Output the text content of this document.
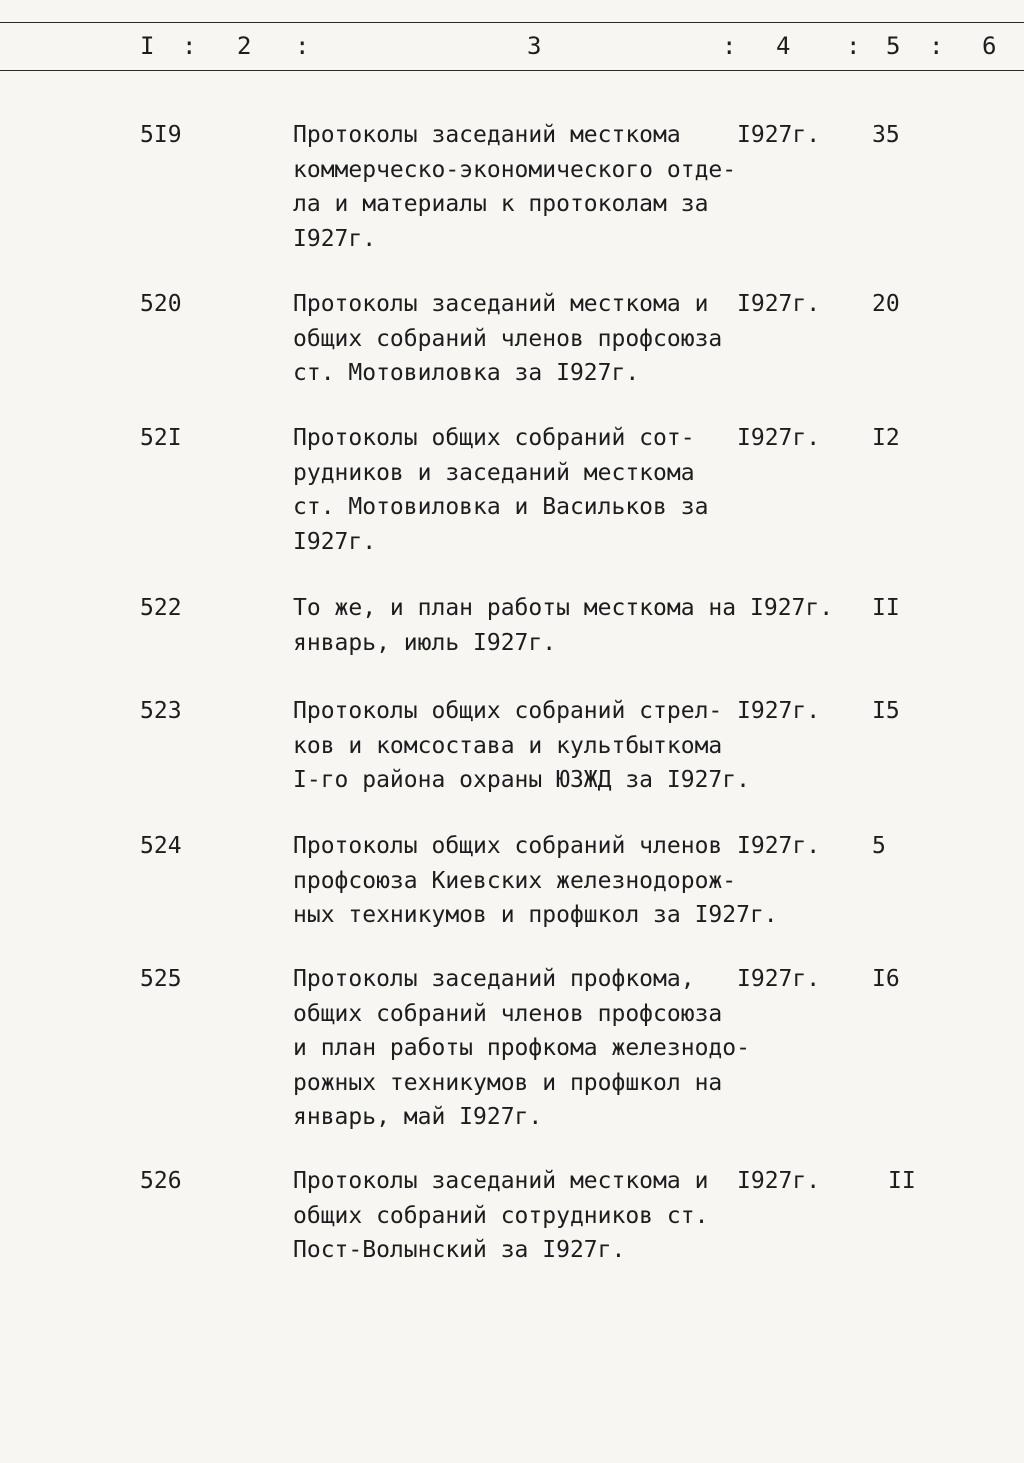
I : 2 :	3	: 4 : 5 : 6
5I9	Протоколы заседаний месткома
коммерческо-экономического отде-
ла и материалы к протоколам за
I927г.
I927г. 35
520	Протоколы заседаний месткома и
общих собраний членов профсоюза
ст. Мотовиловка за I927г.
I927г. 20
52I	Протоколы общих собраний сот-
рудников и заседаний месткома
ст. Мотовиловка и Васильков за
I927г.
I927г. I2
522	То же, и план работы месткома на
январь, июль I927г.
I927г. II
523	Протоколы общих собраний стрел-
ков и комсостава и культбыткома
I-го района охраны ЮЗЖД за I927г.
I927г. I5
524	Протоколы общих собраний членов
профсоюза Киевских железнодорож-
ных техникумов и профшкол за I927г.
I927г. 5
525	Протоколы заседаний профкома,
общих собраний членов профсоюза
и план работы профкома железнодо-
рожных техникумов и профшкол на
январь, май I927г.
I927г. I6
526	Протоколы заседаний месткома и
общих собраний сотрудников ст.
Пост-Волынский за I927г.
I927г.	II
